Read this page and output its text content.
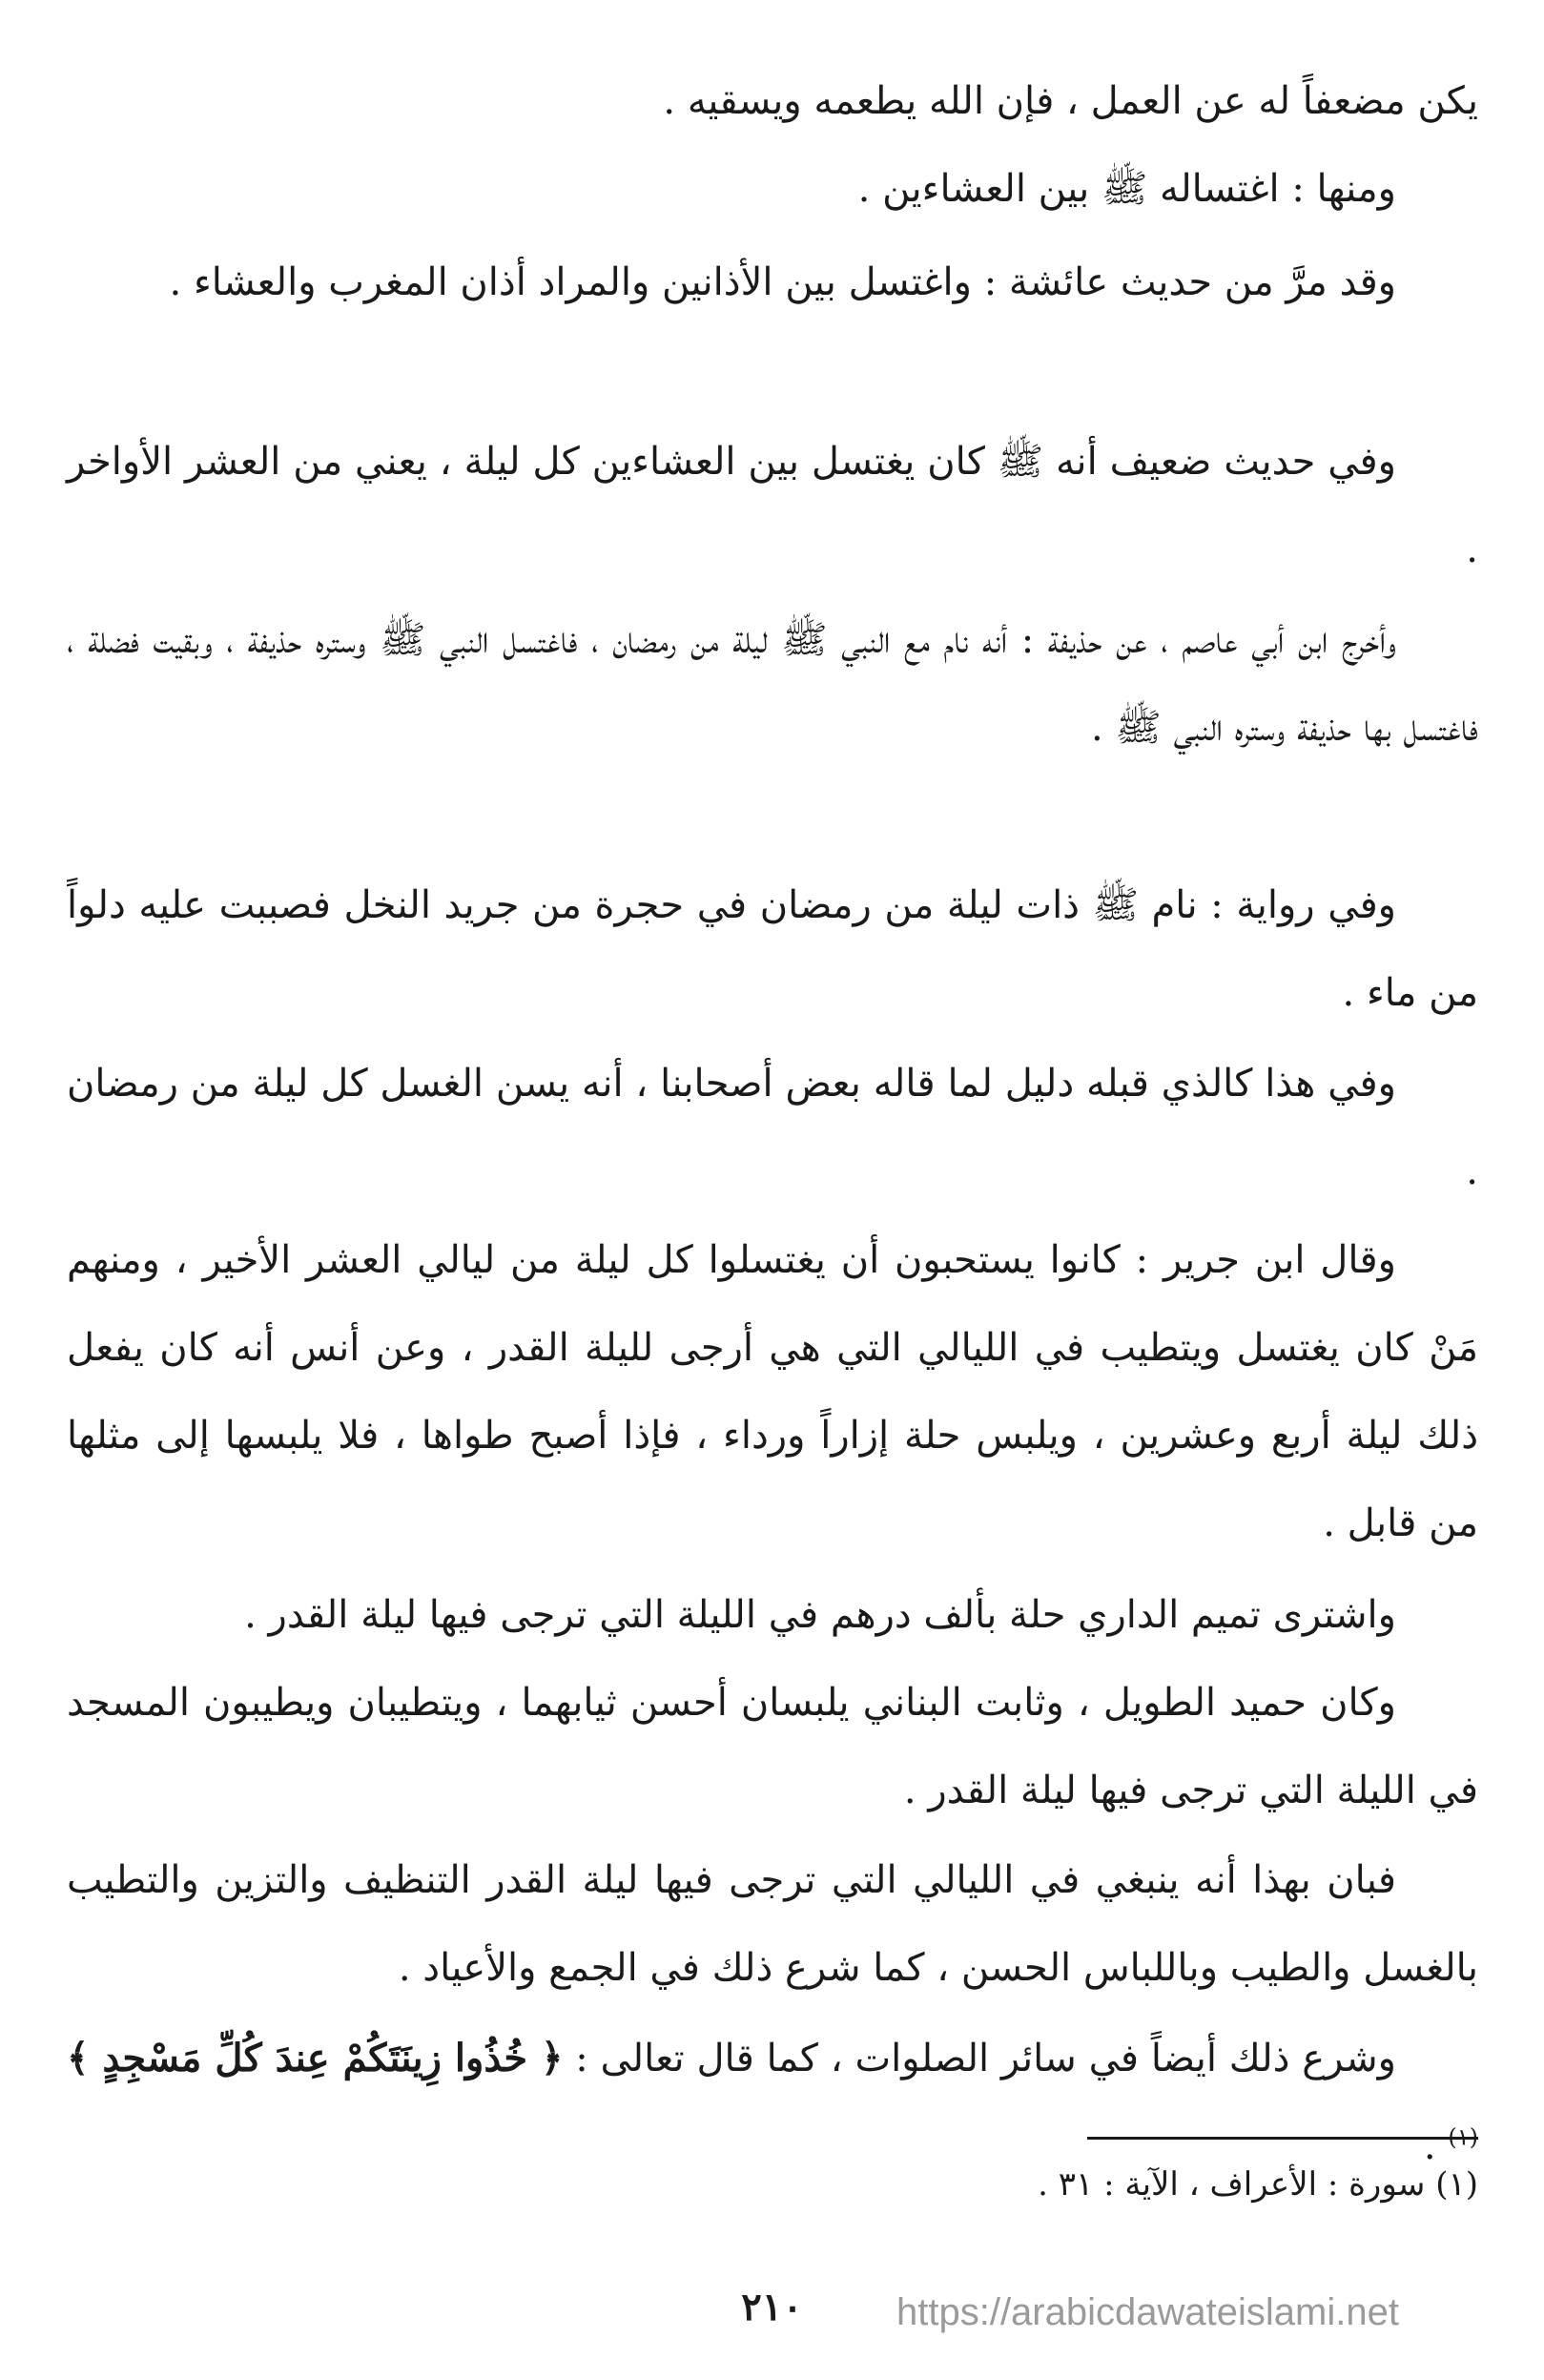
يكن مضعفاً له عن العمل ، فإن الله يطعمه ويسقيه .

ومنها : اغتساله ﷺ بين العشاءين .

وقد مرَّ من حديث عائشة : واغتسل بين الأذانين والمراد أذان المغرب والعشاء .

وفي حديث ضعيف أنه ﷺ كان يغتسل بين العشاءين كل ليلة ، يعني من العشر الأواخر .

وأخرج ابن أبي عاصم ، عن حذيفة : أنه نام مع النبي ﷺ ليلة من رمضان ، فاغتسل النبي ﷺ وستره حذيفة ، وبقيت فضلة ، فاغتسل بها حذيفة وستره النبي ﷺ .

وفي رواية : نام ﷺ ذات ليلة من رمضان في حجرة من جريد النخل فصببت عليه دلواً من ماء .

وفي هذا كالذي قبله دليل لما قاله بعض أصحابنا ، أنه يسن الغسل كل ليلة من رمضان .

وقال ابن جرير : كانوا يستحبون أن يغتسلوا كل ليلة من ليالي العشر الأخير ، ومنهم مَنْ كان يغتسل ويتطيب في الليالي التي هي أرجى لليلة القدر ، وعن أنس أنه كان يفعل ذلك ليلة أربع وعشرين ، ويلبس حلة إزاراً ورداء ، فإذا أصبح طواها ، فلا يلبسها إلى مثلها من قابل .

واشترى تميم الداري حلة بألف درهم في الليلة التي ترجى فيها ليلة القدر .

وكان حميد الطويل ، وثابت البناني يلبسان أحسن ثيابهما ، ويتطيبان ويطيبون المسجد في الليلة التي ترجى فيها ليلة القدر .

فبان بهذا أنه ينبغي في الليالي التي ترجى فيها ليلة القدر التنظيف والتزين والتطيب بالغسل والطيب وباللباس الحسن ، كما شرع ذلك في الجمع والأعياد .

وشرع ذلك أيضاً في سائر الصلوات ، كما قال تعالى : ﴿ خُذُوا زِينَتَكُمْ عِندَ كُلِّ مَسْجِدٍ ﴾$^{(١)}$ .

(١) سورة : الأعراف ، الآية : ٣١ .

٢١٠	https://arabicdawateislami.net
